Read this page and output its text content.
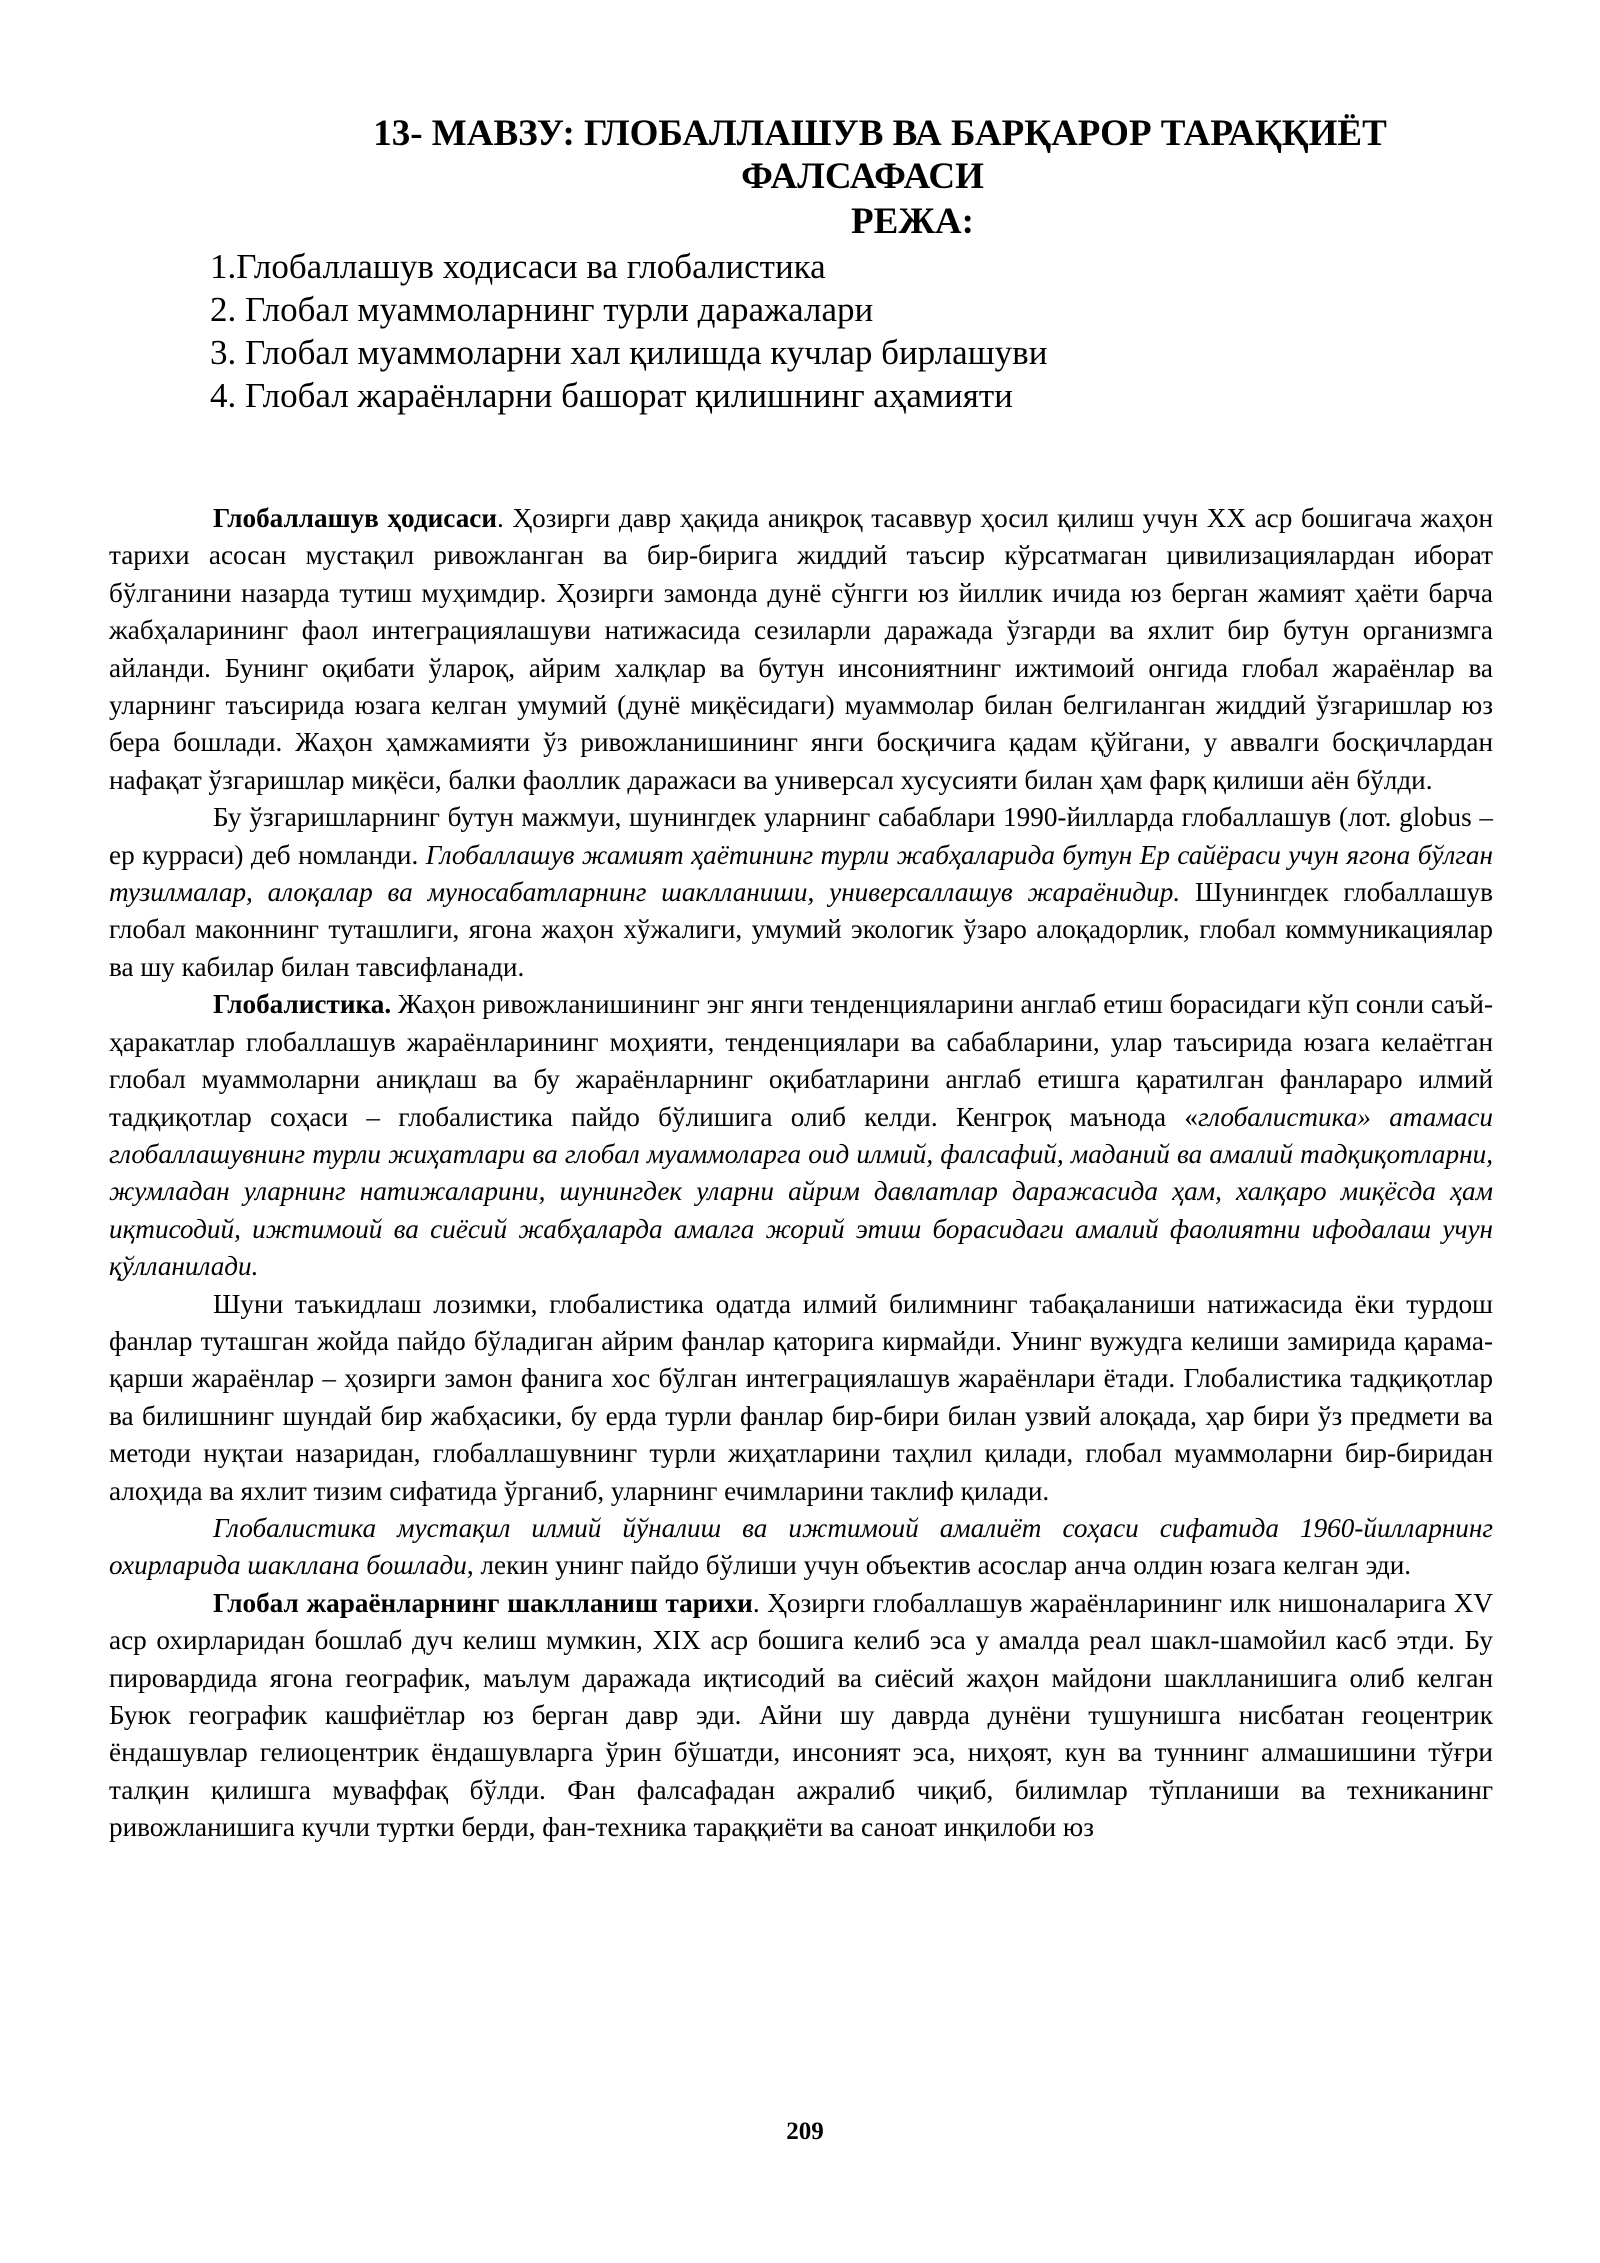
13- МАВЗУ: ГЛОБАЛЛАШУВ ВА БАРҚАРОР ТАРАҚҚИЁТ
ФАЛСАФАСИ
РЕЖА:
1.Глобаллашув ходисаси ва глобалистика
2. Глобал муаммоларнинг турли даражалари
3. Глобал муаммоларни хал қилишда кучлар бирлашуви
4. Глобал жараёнларни башорат қилишнинг аҳамияти

Глобаллашув ҳодисаси. Ҳозирги давр ҳақида аниқроқ тасаввур ҳосил қилиш учун ХХ аср бошигача жаҳон тарихи асосан мустақил ривожланган ва бир-бирига жиддий таъсир кўрсатмаган цивилизациялардан иборат бўлганини назарда тутиш муҳимдир. Ҳозирги замонда дунё сўнгги юз йиллик ичида юз берган жамият ҳаёти барча жабҳаларининг фаол интеграциялашуви натижасида сезиларли даражада ўзгарди ва яхлит бир бутун организмга айланди. Бунинг оқибати ўлароқ, айрим халқлар ва бутун инсониятнинг ижтимоий онгида глобал жараёнлар ва уларнинг таъсирида юзага келган умумий (дунё миқёсидаги) муаммолар билан белгиланган жиддий ўзгаришлар юз бера бошлади. Жаҳон ҳамжамияти ўз ривожланишининг янги босқичига қадам қўйгани, у аввалги босқичлардан нафақат ўзгаришлар миқёси, балки фаоллик даражаси ва универсал хусусияти билан ҳам фарқ қилиши аён бўлди.

Бу ўзгаришларнинг бутун мажмуи, шунингдек уларнинг сабаблари 1990-йилларда глобаллашув (лот. globus – ер курраси) деб номланди. Глобаллашув жамият ҳаётининг турли жабҳаларида бутун Ер сайёраси учун ягона бўлган тузилмалар, алоқалар ва муносабатларнинг шаклланиши, универсаллашув жараёнидир. Шунингдек глобаллашув глобал маконнинг туташлиги, ягона жаҳон хўжалиги, умумий экологик ўзаро алоқадорлик, глобал коммуникациялар ва шу кабилар билан тавсифланади.

Глобалистика. Жаҳон ривожланишининг энг янги тенденцияларини англаб етиш борасидаги кўп сонли саъй-ҳаракатлар глобаллашув жараёнларининг моҳияти, тенденциялари ва сабабларини, улар таъсирида юзага келаётган глобал муаммоларни аниқлаш ва бу жараёнларнинг оқибатларини англаб етишга қаратилган фанлараро илмий тадқиқотлар соҳаси – глобалистика пайдо бўлишига олиб келди. Кенгроқ маънода «глобалистика» атамаси глобаллашувнинг турли жиҳатлари ва глобал муаммоларга оид илмий, фалсафий, маданий ва амалий тадқиқотларни, жумладан уларнинг натижаларини, шунингдек уларни айрим давлатлар даражасида ҳам, халқаро миқёсда ҳам иқтисодий, ижтимоий ва сиёсий жабҳаларда амалга жорий этиш борасидаги амалий фаолиятни ифодалаш учун қўлланилади.

Шуни таъкидлаш лозимки, глобалистика одатда илмий билимнинг табақаланиши натижасида ёки турдош фанлар туташган жойда пайдо бўладиган айрим фанлар қаторига кирмайди. Унинг вужудга келиши замирида қарама-қарши жараёнлар – ҳозирги замон фанига хос бўлган интеграциялашув жараёнлари ётади. Глобалистика тадқиқотлар ва билишнинг шундай бир жабҳасики, бу ерда турли фанлар бир-бири билан узвий алоқада, ҳар бири ўз предмети ва методи нуқтаи назаридан, глобаллашувнинг турли жиҳатларини таҳлил қилади, глобал муаммоларни бир-биридан алоҳида ва яхлит тизим сифатида ўрганиб, уларнинг ечимларини таклиф қилади.

Глобалистика мустақил илмий йўналиш ва ижтимоий амалиёт соҳаси сифатида 1960-йилларнинг охирларида шакллана бошлади, лекин унинг пайдо бўлиши учун объектив асослар анча олдин юзага келган эди.

Глобал жараёнларнинг шаклланиш тарихи. Ҳозирги глобаллашув жараёнларининг илк нишоналарига XV аср охирларидан бошлаб дуч келиш мумкин, XIX аср бошига келиб эса у амалда реал шакл-шамойил касб этди. Бу пировардида ягона географик, маълум даражада иқтисодий ва сиёсий жаҳон майдони шаклланишига олиб келган Буюк географик кашфиётлар юз берган давр эди. Айни шу даврда дунёни тушунишга нисбатан геоцентрик ёндашувлар гелиоцентрик ёндашувларга ўрин бўшатди, инсоният эса, ниҳоят, кун ва туннинг алмашишини тўғри талқин қилишга муваффақ бўлди. Фан фалсафадан ажралиб чиқиб, билимлар тўпланиши ва техниканинг ривожланишига кучли туртки берди, фан-техника тараққиёти ва саноат инқилоби юз

209
